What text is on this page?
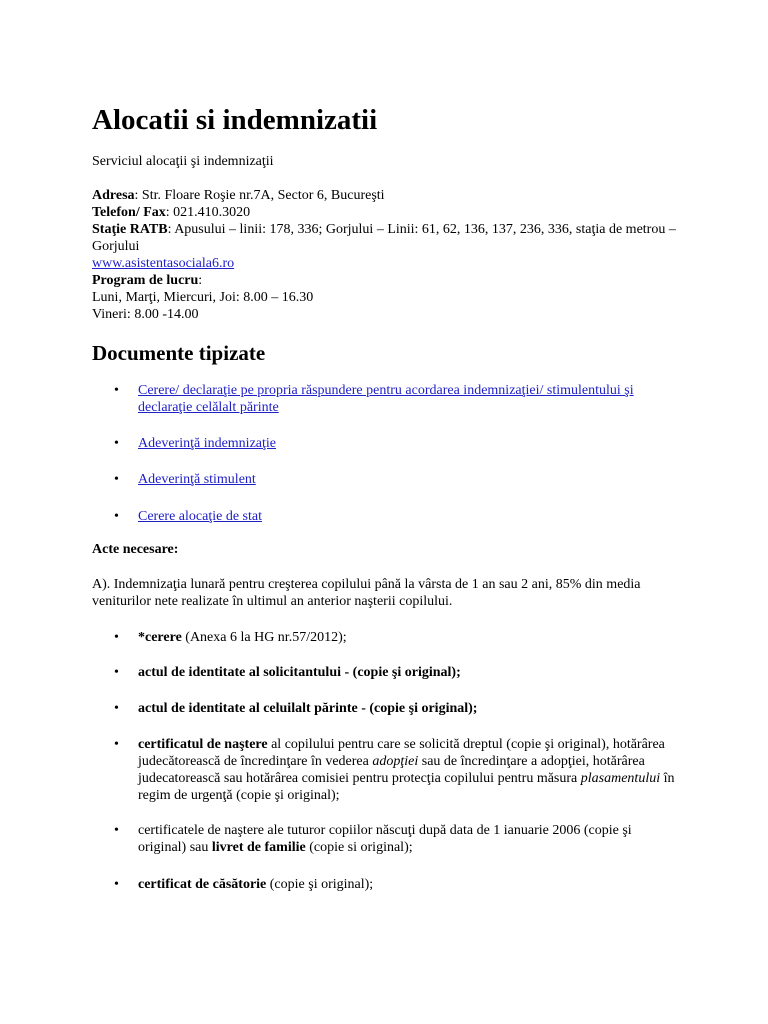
Alocatii si indemnizatii
Serviciul alocaţii şi indemnizaţii
Adresa: Str. Floare Roşie nr.7A, Sector 6, Bucureşti
Telefon/ Fax: 021.410.3020
Staţie RATB: Apusului – linii: 178, 336; Gorjului – Linii: 61, 62, 136, 137, 236, 336, staţia de metrou – Gorjului
www.asistentasociala6.ro
Program de lucru:
Luni, Marţi, Miercuri, Joi: 8.00 – 16.30
Vineri: 8.00 -14.00
Documente tipizate
• Cerere/ declaraţie pe propria răspundere pentru acordarea indemnizaţiei/ stimulentului şi declaraţie celălalt părinte
• Adeverinţă indemnizaţie
• Adeverinţă stimulent
• Cerere alocaţie de stat
Acte necesare:
A). Indemnizaţia lunară pentru creşterea copilului până la vârsta de 1 an sau 2 ani, 85% din media veniturilor nete realizate în ultimul an anterior naşterii copilului.
• *cerere (Anexa 6 la HG nr.57/2012);
• actul de identitate al solicitantului - (copie şi original);
• actul de identitate al celuilalt părinte - (copie şi original);
• certificatul de naştere al copilului pentru care se solicită dreptul (copie şi original), hotărârea judecătorească de încredinţare în vederea adopţiei sau de încredinţare a adopţiei, hotărârea judecatorească sau hotărârea comisiei pentru protecţia copilului pentru măsura plasamentului în regim de urgenţă (copie şi original);
• certificatele de naştere ale tuturor copiilor născuţi după data de 1 ianuarie 2006 (copie şi original) sau livret de familie (copie si original);
• certificat de căsătorie (copie şi original);
